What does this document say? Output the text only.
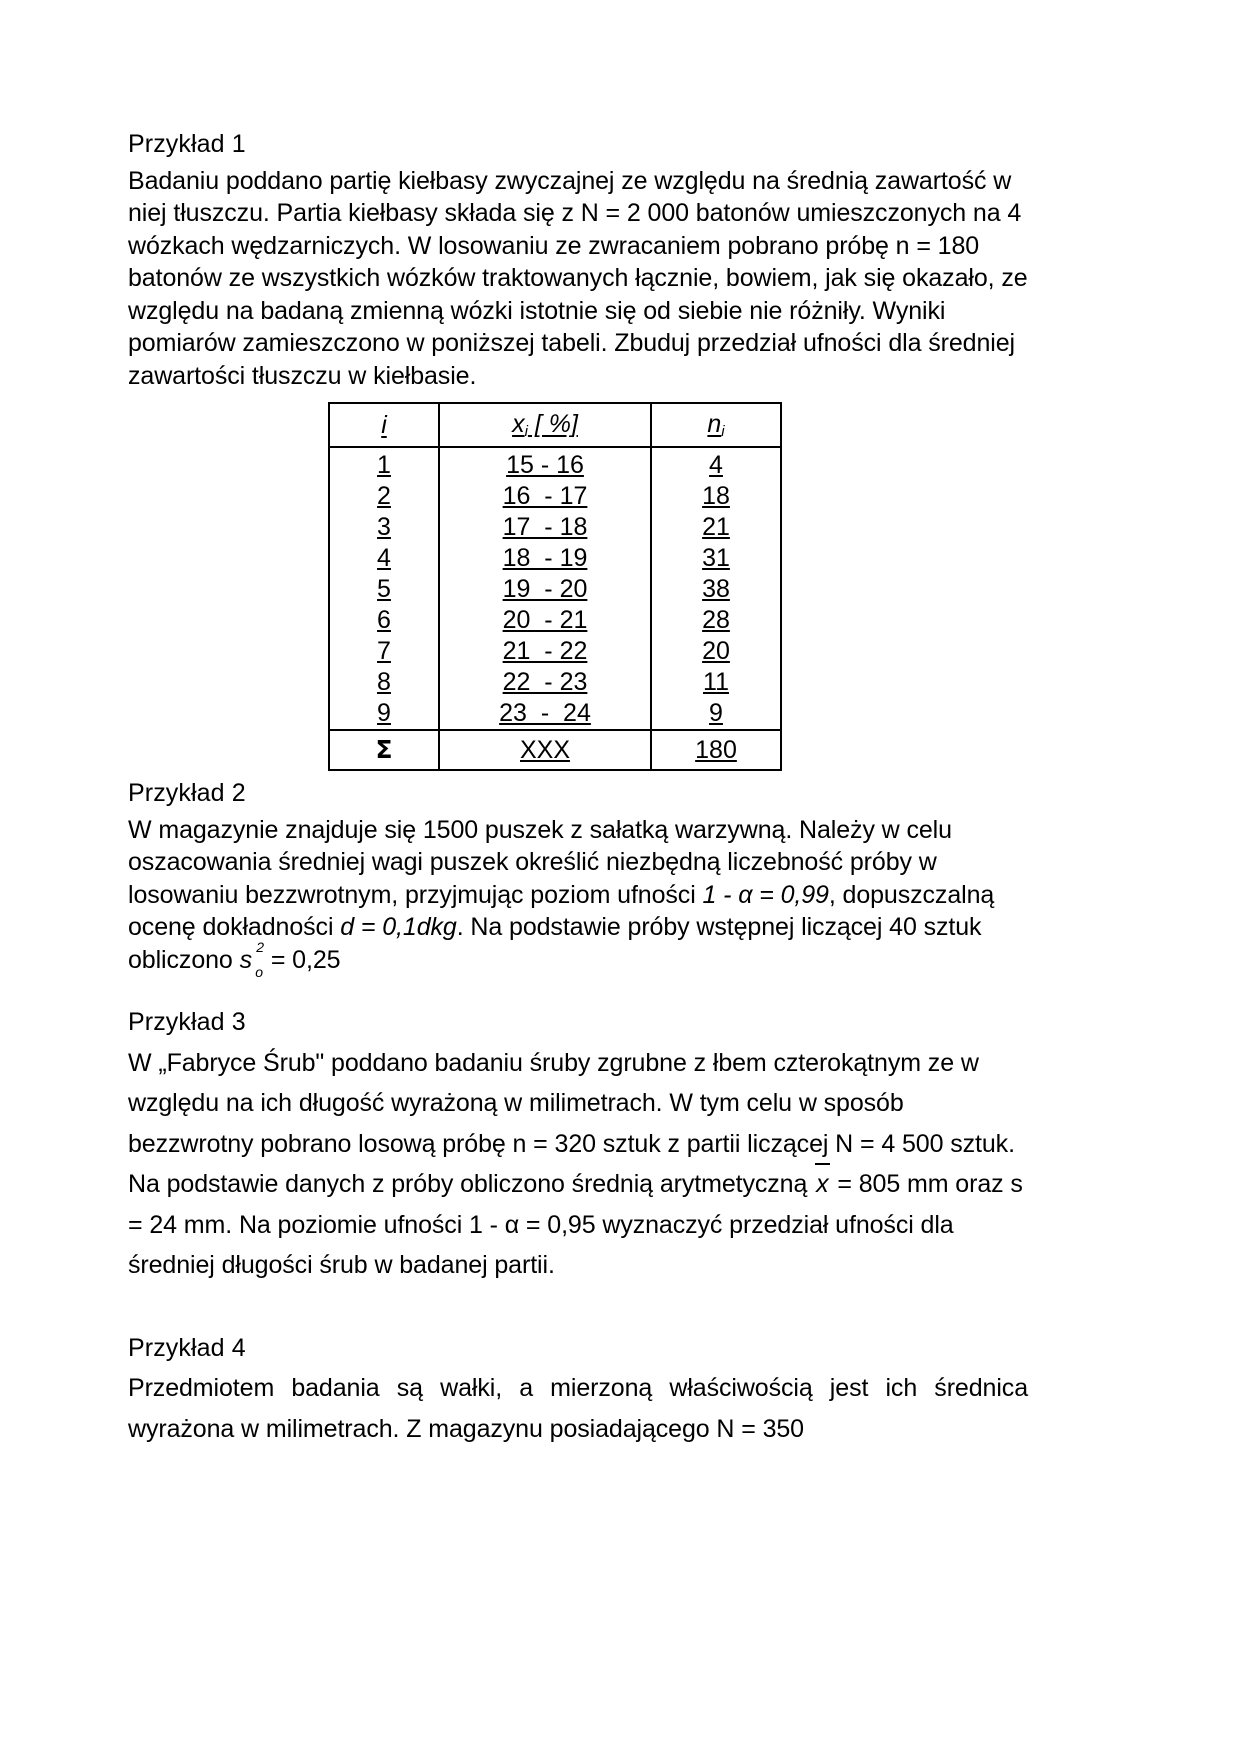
Przykład 1

Badaniu poddano partię kiełbasy zwyczajnej ze względu na średnią zawartość w niej tłuszczu. Partia kiełbasy składa się z N = 2 000 batonów umieszczonych na 4 wózkach wędzarniczych. W losowaniu ze zwracaniem pobrano próbę n = 180 batonów ze wszystkich wózków traktowanych łącznie, bowiem, jak się okazało, ze względu na badaną zmienną wózki istotnie się od siebie nie różniły. Wyniki pomiarów zamieszczono w poniższej tabeli. Zbuduj przedział ufności dla średniej zawartości tłuszczu w kiełbasie.

i	$x_i$ [ %]	$n_i$
1	15 - 16	4
2	16  - 17	18
3	17  - 18	21
4	18  - 19	31
5	19  - 20	38
6	20  - 21	28
7	21  - 22	20
8	22  - 23	11
9	23  -  24	9
Σ	XXX	180

Przykład 2

W magazynie znajduje się 1500 puszek z sałatką warzywną. Należy w celu oszacowania średniej wagi puszek określić niezbędną liczebność próby w losowaniu bezzwrotnym, przyjmując poziom ufności 1 - α = 0,99, dopuszczalną ocenę dokładności d = 0,1dkg. Na podstawie próby wstępnej liczącej 40 sztuk obliczono s 2
o = 0,25

Przykład 3

W „Fabryce Śrub" poddano badaniu śruby zgrubne z łbem czterokątnym ze w względu na ich długość wyrażoną w milimetrach. W tym celu w sposób bezzwrotny pobrano losową próbę n = 320 sztuk z partii liczącej N = 4 500 sztuk. Na podstawie danych z próby obliczono średnią arytmetyczną
x = 805 mm oraz s = 24 mm. Na poziomie ufności 1 - α = 0,95 wyznaczyć przedział ufności dla średniej długości śrub w badanej partii.

Przykład 4

Przedmiotem badania są wałki, a mierzoną właściwością jest ich średnica wyrażona w milimetrach. Z magazynu posiadającego N = 350
